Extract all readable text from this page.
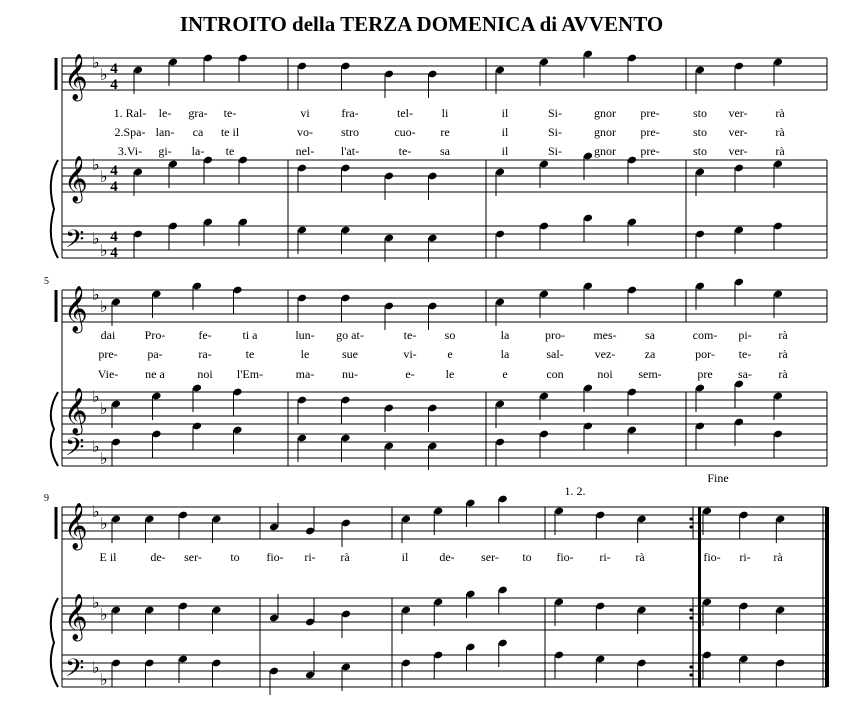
INTROITO della TERZA DOMENICA di AVVENTO
𝄞
𝄞
𝄢
♭
♭
♭
♭
♭
♭
4
4
4
4
4
4
1. Ral- le- gra- te-	vi	fra-	tel- li	il	Si-	gnor pre-	sto ver- rà
2.Spa- lan- ca te il	vo- stro	cuo- re	il	Si-	gnor pre-	sto ver- rà
3.Vi- gi- la- te	nel- l'at-	te- sa	il	Si-	gnor pre-	sto ver- rà
𝄞
𝄞
𝄢
♭
♭
♭
♭
♭
♭
5
dai Pro-	fe-	ti a	lun- go at-	te- so	la	pro- mes- sa	com- pi- rà
pre- pa-	ra-	te	le	sue	vi-	e	la	sal-	vez- za	por- te- rà
Vie- ne a	noi l'Em-	ma- nu-	e-	le	e	con	noi sem-	pre sa- rà
𝄞
𝄞
𝄢
♭
♭
♭
♭
♭
♭
1. 2.
Fine
9
E il	de- ser- to fio- ri- rà	il	de- ser- to fio- ri- rà	fio- ri- rà
